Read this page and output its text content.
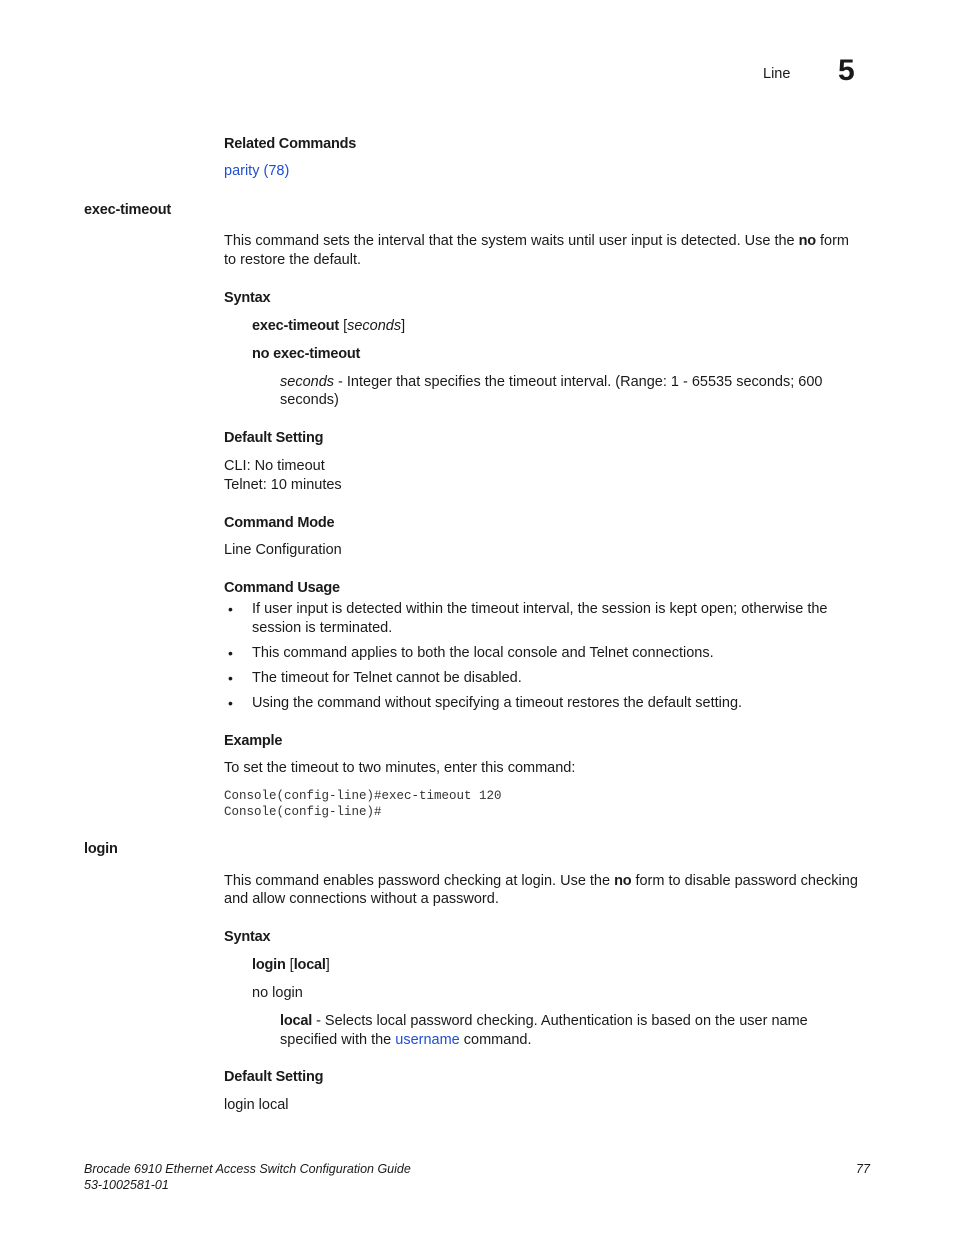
Line 5
Related Commands
parity (78)
exec-timeout
This command sets the interval that the system waits until user input is detected. Use the no form
to restore the default.
Syntax
exec-timeout [seconds]
no exec-timeout
seconds - Integer that specifies the timeout interval. (Range: 1 - 65535 seconds; 600
seconds)
Default Setting
CLI: No timeout
Telnet: 10 minutes
Command Mode
Line Configuration
Command Usage
• If user input is detected within the timeout interval, the session is kept open; otherwise the
session is terminated.
• This command applies to both the local console and Telnet connections.
• The timeout for Telnet cannot be disabled.
• Using the command without specifying a timeout restores the default setting.
Example
To set the timeout to two minutes, enter this command:
Console(config-line)#exec-timeout 120
Console(config-line)#
login
This command enables password checking at login. Use the no form to disable password checking
and allow connections without a password.
Syntax
login [local]
no login
local - Selects local password checking. Authentication is based on the user name
specified with the username command.
Default Setting
login local
Brocade 6910 Ethernet Access Switch Configuration Guide
53-1002581-01
77
